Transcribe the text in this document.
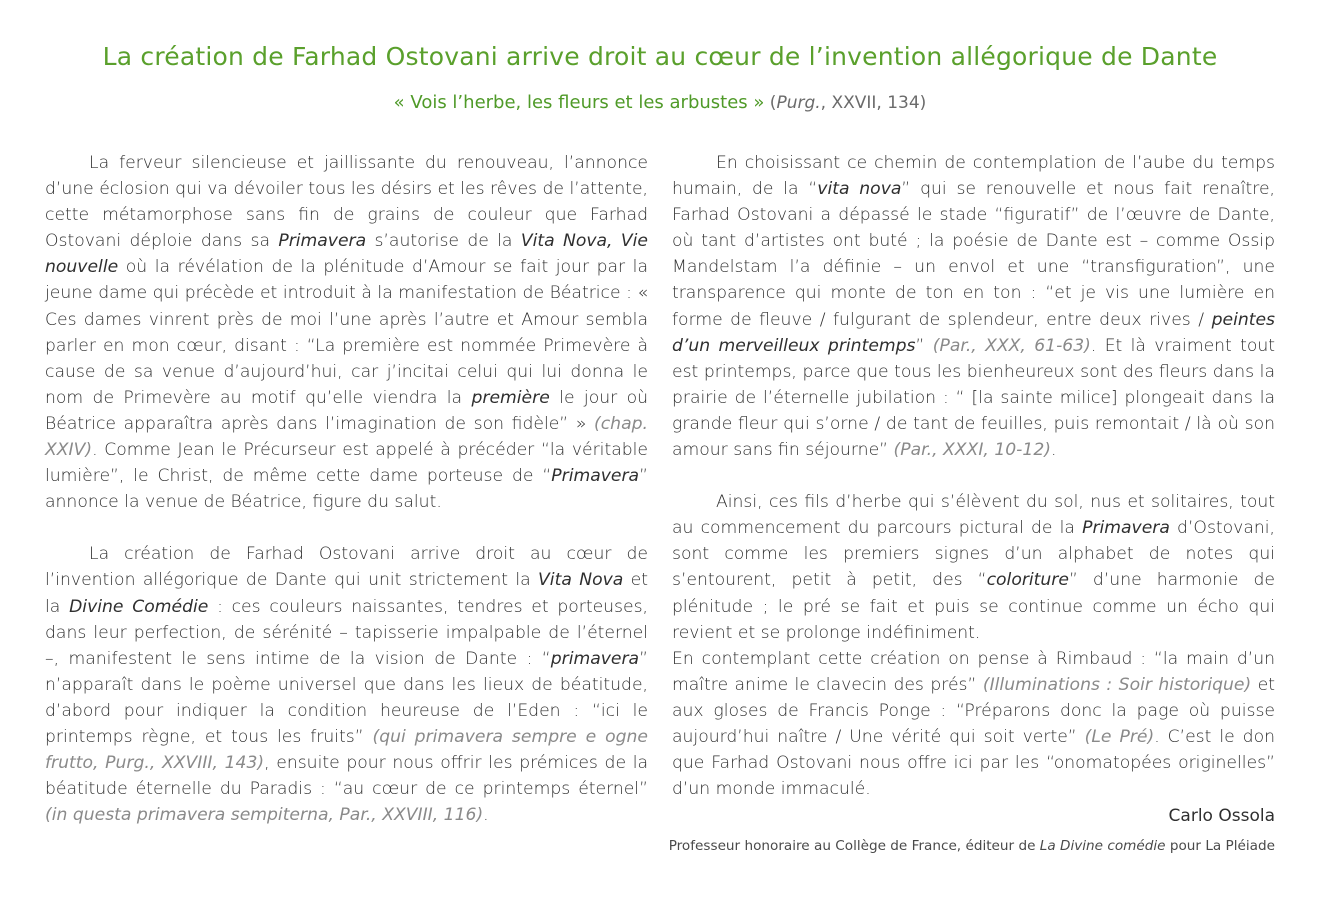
La création de Farhad Ostovani arrive droit au cœur de l’invention allégorique de Dante
« Vois l’herbe, les fleurs et les arbustes » (Purg., XXVII, 134)

La ferveur silencieuse et jaillissante du renouveau, l’annonce d’une éclosion qui va dévoiler tous les désirs et les rêves de l’attente, cette métamorphose sans fin de grains de couleur que Farhad Ostovani déploie dans sa Primavera s’autorise de la Vita Nova, Vie nouvelle où la révélation de la plénitude d’Amour se fait jour par la jeune dame qui précède et introduit à la manifestation de Béatrice : « Ces dames vinrent près de moi l’une après l’autre et Amour sembla parler en mon cœur, disant : “La première est nommée Primevère à cause de sa venue d’aujourd’hui, car j’incitai celui qui lui donna le nom de Primevère au motif qu’elle viendra la première le jour où Béatrice apparaîtra après dans l’imagination de son fidèle” » (chap. XXIV). Comme Jean le Précurseur est appelé à précéder “la véritable lumière”, le Christ, de même cette dame porteuse de “Primavera” annonce la venue de Béatrice, figure du salut.

La création de Farhad Ostovani arrive droit au cœur de l’invention allégorique de Dante qui unit strictement la Vita Nova et la Divine Comédie : ces couleurs naissantes, tendres et porteuses, dans leur perfection, de sérénité – tapisserie impalpable de l’éternel –, manifestent le sens intime de la vision de Dante : “primavera” n’apparaît dans le poème universel que dans les lieux de béatitude, d’abord pour indiquer la condition heureuse de l’Eden : “ici le printemps règne, et tous les fruits” (qui primavera sempre e ogne frutto, Purg., XXVIII, 143), ensuite pour nous offrir les prémices de la béatitude éternelle du Paradis : “au cœur de ce printemps éternel” (in questa primavera sempiterna, Par., XXVIII, 116).

En choisissant ce chemin de contemplation de l’aube du temps humain, de la “vita nova” qui se renouvelle et nous fait renaître, Farhad Ostovani a dépassé le stade “figuratif” de l’œuvre de Dante, où tant d’artistes ont buté ; la poésie de Dante est – comme Ossip Mandelstam l’a définie – un envol et une “transfiguration”, une transparence qui monte de ton en ton : “et je vis une lumière en forme de fleuve / fulgurant de splendeur, entre deux rives / peintes d’un merveilleux printemps” (Par., XXX, 61-63). Et là vraiment tout est printemps, parce que tous les bienheureux sont des fleurs dans la prairie de l’éternelle jubilation : “ [la sainte milice] plongeait dans la grande fleur qui s’orne / de tant de feuilles, puis remontait / là où son amour sans fin séjourne” (Par., XXXI, 10-12).

Ainsi, ces fils d’herbe qui s’élèvent du sol, nus et solitaires, tout au commencement du parcours pictural de la Primavera d’Ostovani, sont comme les premiers signes d’un alphabet de notes qui s’entourent, petit à petit, des “coloriture” d’une harmonie de plénitude ; le pré se fait et puis se continue comme un écho qui revient et se prolonge indéfiniment.

En contemplant cette création on pense à Rimbaud : “la main d’un maître anime le clavecin des prés” (Illuminations : Soir historique) et aux gloses de Francis Ponge : “Préparons donc la page où puisse aujourd’hui naître / Une vérité qui soit verte” (Le Pré). C’est le don que Farhad Ostovani nous offre ici par les “onomatopées originelles” d’un monde immaculé.

Carlo Ossola
Professeur honoraire au Collège de France, éditeur de La Divine comédie pour La Pléiade
